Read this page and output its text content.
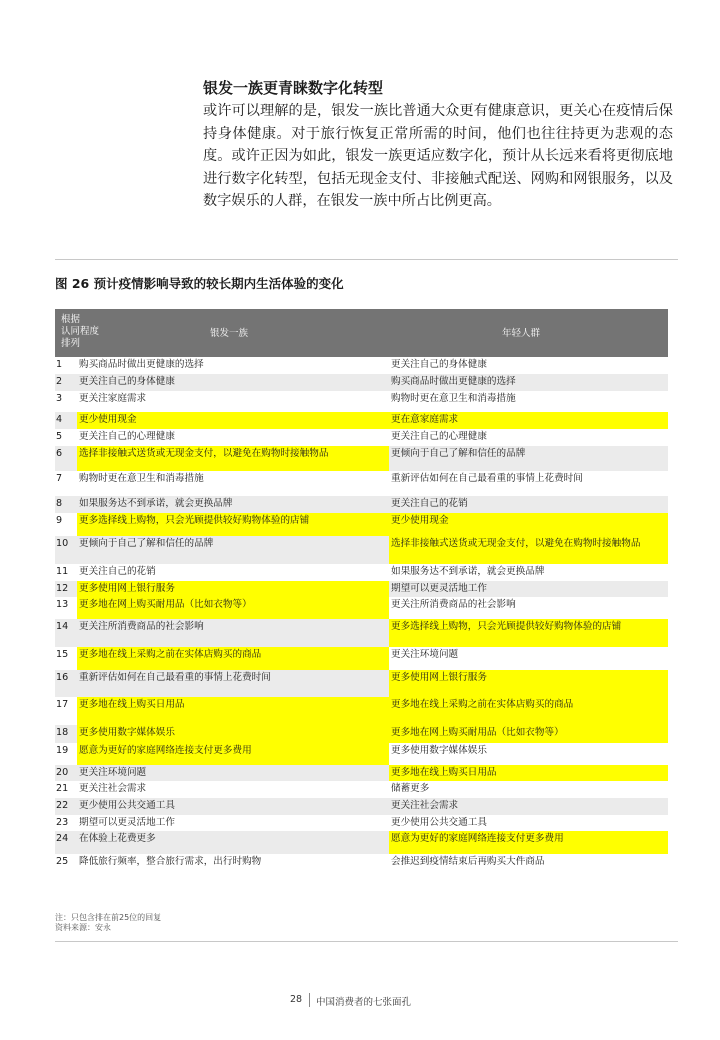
银发一族更青睐数字化转型

或许可以理解的是，银发一族比普通大众更有健康意识，更关心在疫情后保持身体健康。对于旅行恢复正常所需的时间，他们也往往持更为悲观的态度。或许正因为如此，银发一族更适应数字化，预计从长远来看将更彻底地进行数字化转型，包括无现金支付、非接触式配送、网购和网银服务，以及数字娱乐的人群，在银发一族中所占比例更高。

图 26 预计疫情影响导致的较长期内生活体验的变化
根据
认同程度
排列
银发一族	年轻人群
1	购买商品时做出更健康的选择	更关注自己的身体健康
2	更关注自己的身体健康	购买商品时做出更健康的选择
3	更关注家庭需求	购物时更在意卫生和消毒措施
4	更少使用现金	更在意家庭需求
5	更关注自己的心理健康	更关注自己的心理健康
6	选择非接触式送货或无现金支付，以避免在购物时接触物品	更倾向于自己了解和信任的品牌
7	购物时更在意卫生和消毒措施	重新评估如何在自己最看重的事情上花费时间
8	如果服务达不到承诺，就会更换品牌	更关注自己的花销
9	更多选择线上购物，只会光顾提供较好购物体验的店铺	更少使用现金
10	更倾向于自己了解和信任的品牌	选择非接触式送货或无现金支付，以避免在购物时接触物品
11	更关注自己的花销	如果服务达不到承诺，就会更换品牌
12	更多使用网上银行服务	期望可以更灵活地工作
13	更多地在网上购买耐用品（比如衣物等）	更关注所消费商品的社会影响
14	更关注所消费商品的社会影响	更多选择线上购物，只会光顾提供较好购物体验的店铺
15	更多地在线上采购之前在实体店购买的商品	更关注环境问题
16	重新评估如何在自己最看重的事情上花费时间	更多使用网上银行服务
17	更多地在线上购买日用品	更多地在线上采购之前在实体店购买的商品
18	更多使用数字媒体娱乐	更多地在网上购买耐用品（比如衣物等）
19	愿意为更好的家庭网络连接支付更多费用	更多使用数字媒体娱乐
20	更关注环境问题	更多地在线上购买日用品
21	更关注社会需求	储蓄更多
22	更少使用公共交通工具	更关注社会需求
23	期望可以更灵活地工作	更少使用公共交通工具
24	在体验上花费更多	愿意为更好的家庭网络连接支付更多费用
25	降低旅行频率，整合旅行需求，出行时购物	会推迟到疫情结束后再购买大件商品
注：只包含排在前25位的回复
资料来源：安永
28 中国消费者的七张面孔
